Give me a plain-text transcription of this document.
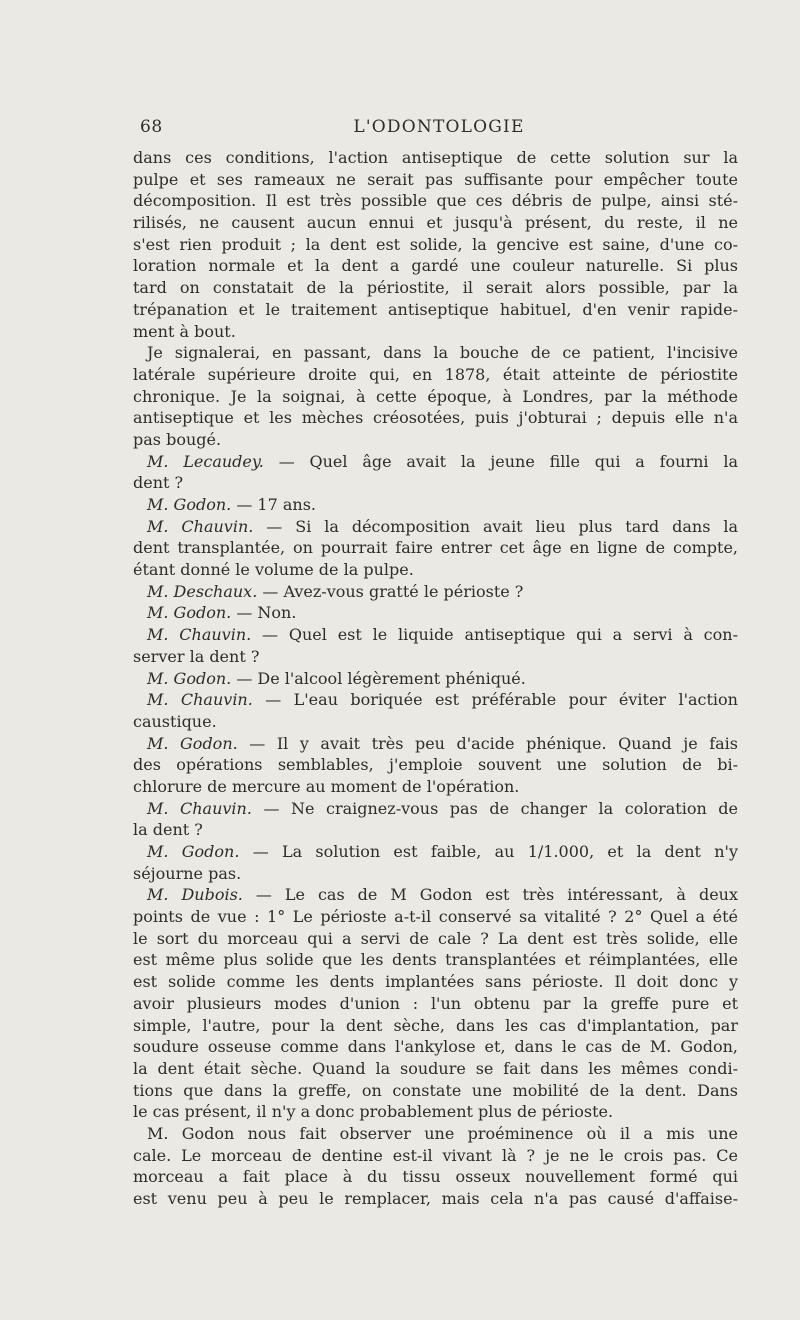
68	L'ODONTOLOGIE
dans ces conditions, l'action antiseptique de cette solution sur la
pulpe et ses rameaux ne serait pas suffisante pour empêcher toute
décomposition. Il est très possible que ces débris de pulpe, ainsi sté-
rilisés, ne causent aucun ennui et jusqu'à présent, du reste, il ne
s'est rien produit ; la dent est solide, la gencive est saine, d'une co-
loration normale et la dent a gardé une couleur naturelle. Si plus
tard on constatait de la périostite, il serait alors possible, par la
trépanation et le traitement antiseptique habituel, d'en venir rapide-
ment à bout.
Je signalerai, en passant, dans la bouche de ce patient, l'incisive
latérale supérieure droite qui, en 1878, était atteinte de périostite
chronique. Je la soignai, à cette époque, à Londres, par la méthode
antiseptique et les mèches créosotées, puis j'obturai ; depuis elle n'a
pas bougé.
M. Lecaudey. — Quel âge avait la jeune fille qui a fourni la
dent ?
M. Godon. — 17 ans.
M. Chauvin. — Si la décomposition avait lieu plus tard dans la
dent transplantée, on pourrait faire entrer cet âge en ligne de compte,
étant donné le volume de la pulpe.
M. Deschaux. — Avez-vous gratté le périoste ?
M. Godon. — Non.
M. Chauvin. — Quel est le liquide antiseptique qui a servi à con-
server la dent ?
M. Godon. — De l'alcool légèrement phéniqué.
M. Chauvin. — L'eau boriquée est préférable pour éviter l'action
caustique.
M. Godon. — Il y avait très peu d'acide phénique. Quand je fais
des opérations semblables, j'emploie souvent une solution de bi-
chlorure de mercure au moment de l'opération.
M. Chauvin. — Ne craignez-vous pas de changer la coloration de
la dent ?
M. Godon. — La solution est faible, au 1/1.000, et la dent n'y
séjourne pas.
M. Dubois. — Le cas de M Godon est très intéressant, à deux
points de vue : 1° Le périoste a-t-il conservé sa vitalité ? 2° Quel a été
le sort du morceau qui a servi de cale ? La dent est très solide, elle
est même plus solide que les dents transplantées et réimplantées, elle
est solide comme les dents implantées sans périoste. Il doit donc y
avoir plusieurs modes d'union : l'un obtenu par la greffe pure et
simple, l'autre, pour la dent sèche, dans les cas d'implantation, par
soudure osseuse comme dans l'ankylose et, dans le cas de M. Godon,
la dent était sèche. Quand la soudure se fait dans les mêmes condi-
tions que dans la greffe, on constate une mobilité de la dent. Dans
le cas présent, il n'y a donc probablement plus de périoste.
M. Godon nous fait observer une proéminence où il a mis une
cale. Le morceau de dentine est-il vivant là ? je ne le crois pas. Ce
morceau a fait place à du tissu osseux nouvellement formé qui
est venu peu à peu le remplacer, mais cela n'a pas causé d'affaise-
